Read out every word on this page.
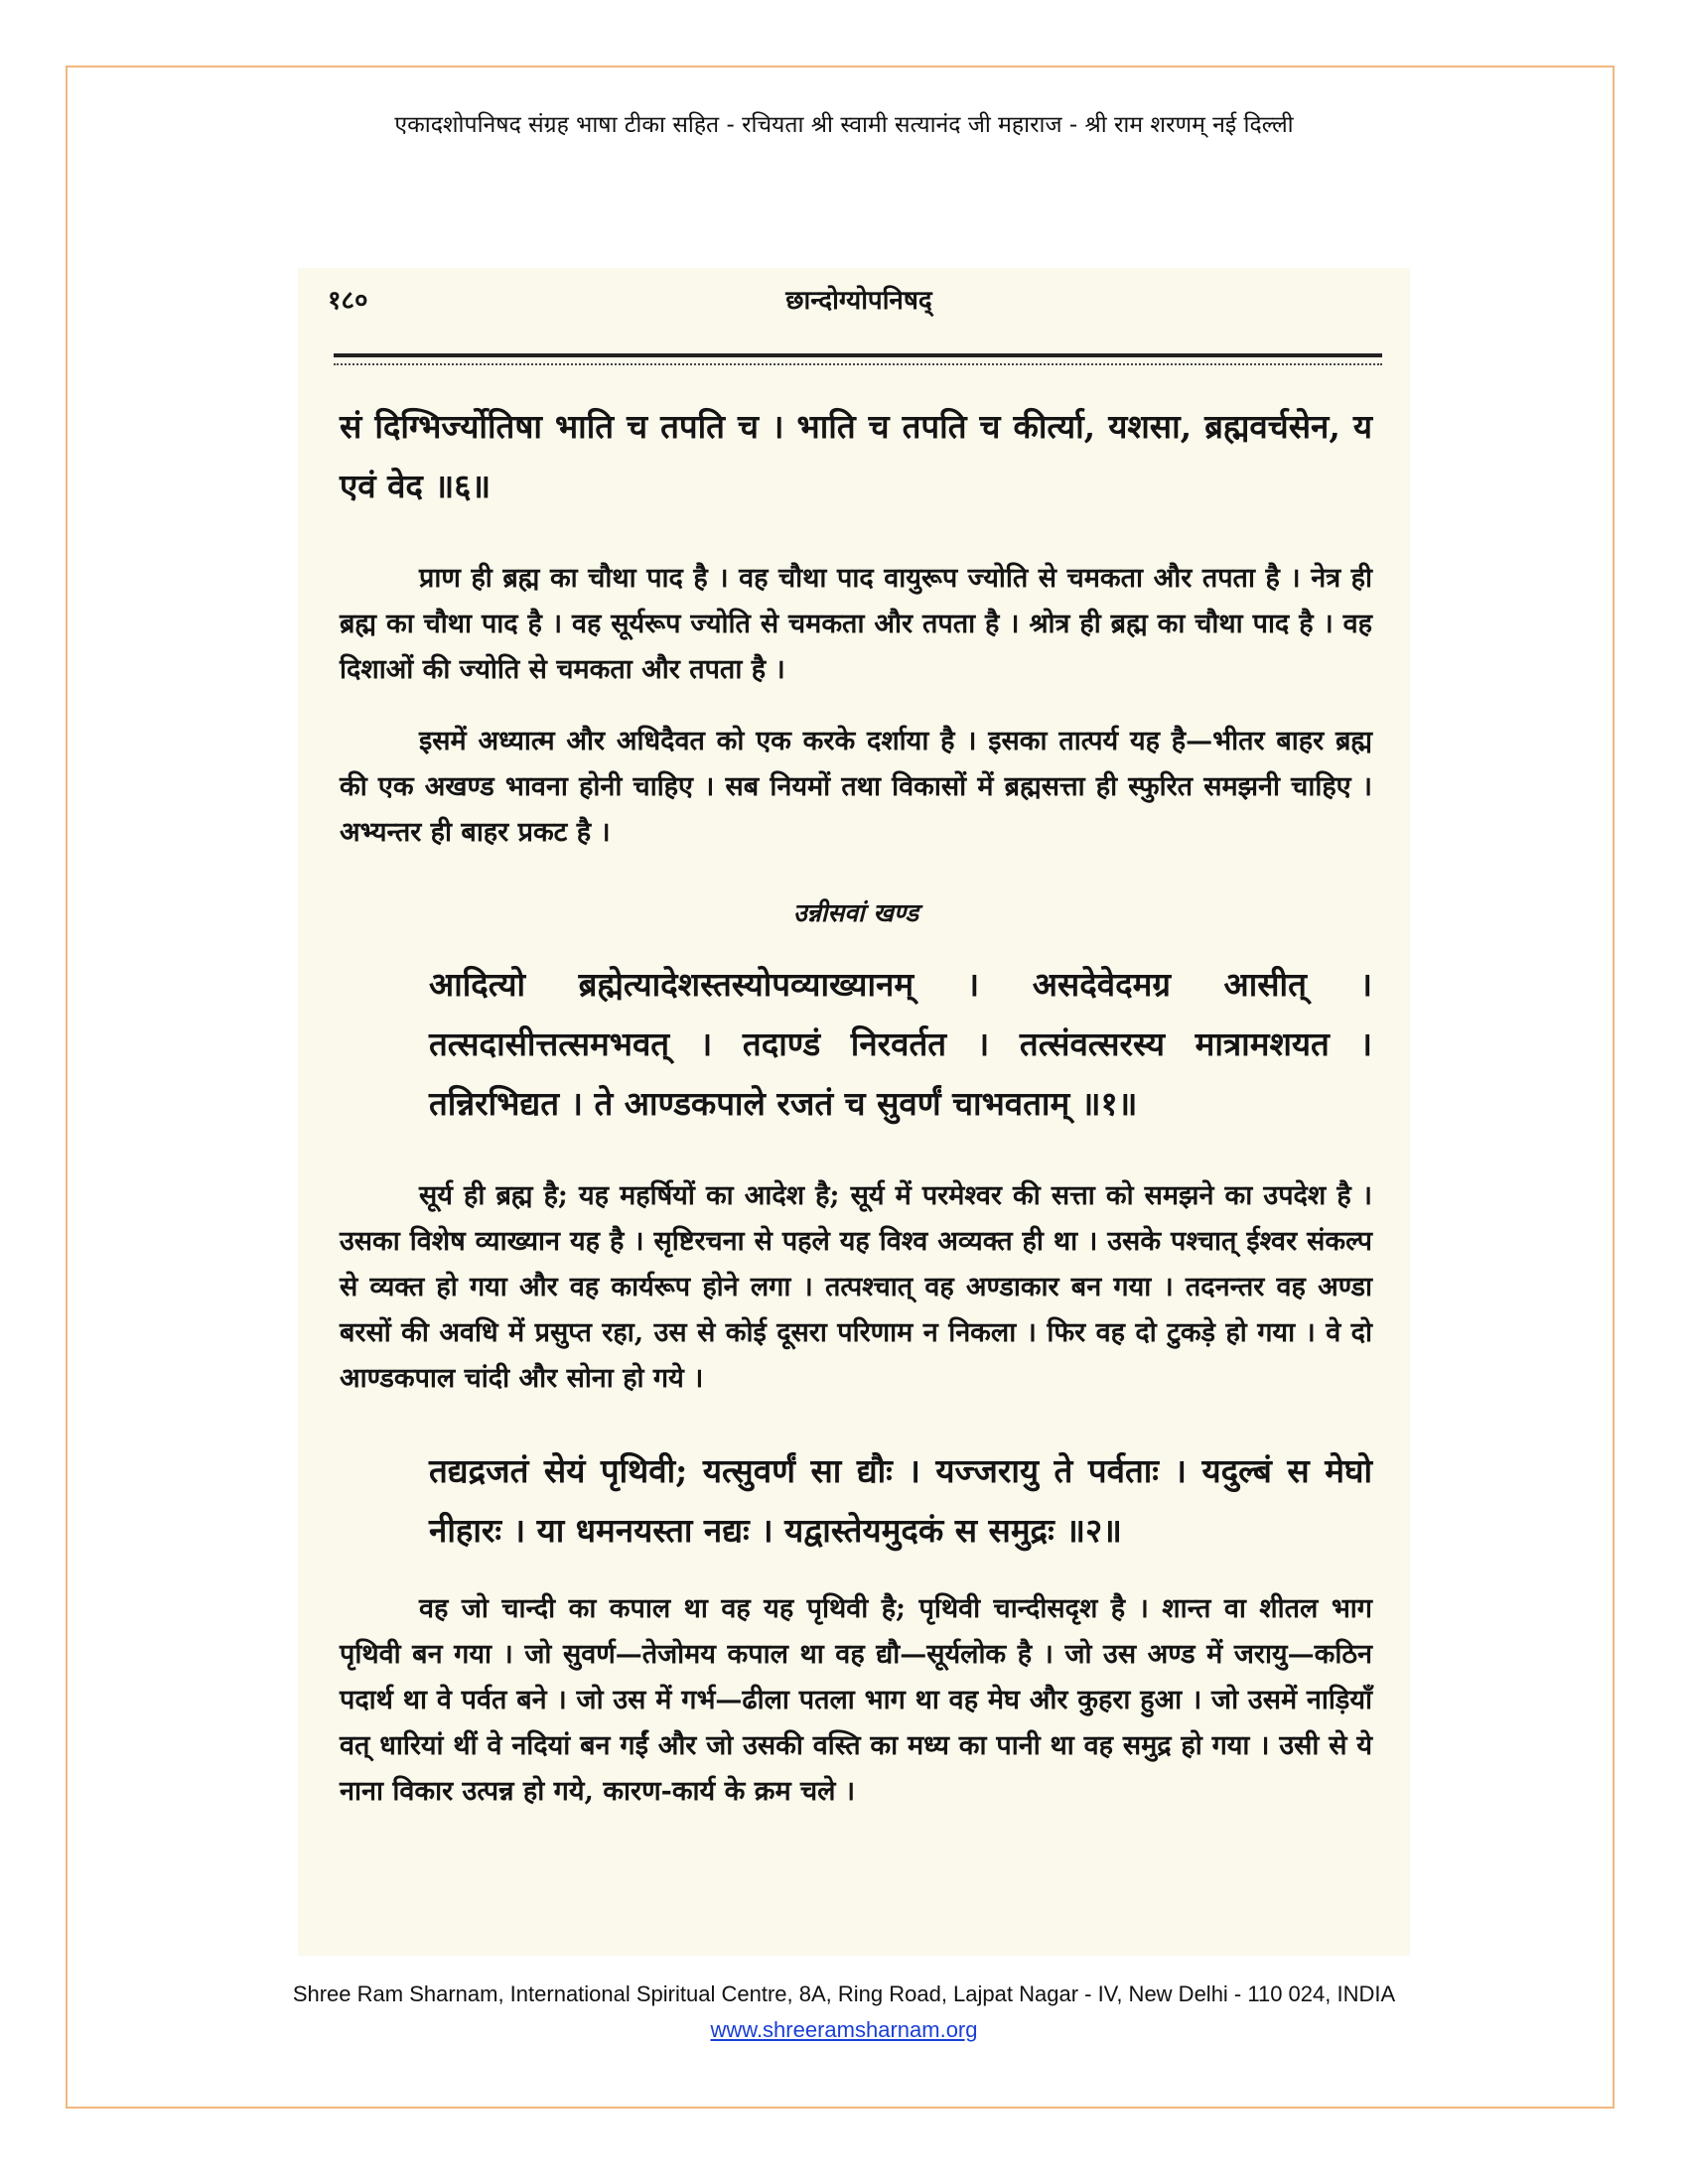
एकादशोपनिषद संग्रह भाषा टीका सहित - रचियता श्री स्वामी सत्यानंद जी महाराज - श्री राम शरणम् नई दिल्ली
१८०	छान्दोग्योपनिषद्

सं दिग्भिर्ज्योतिषा भाति च तपति च । भाति च तपति च कीर्त्या, यशसा, ब्रह्मवर्चसेन, य एवं वेद ॥६॥

प्राण ही ब्रह्म का चौथा पाद है । वह चौथा पाद वायुरूप ज्योति से चमकता और तपता है । नेत्र ही ब्रह्म का चौथा पाद है । वह सूर्यरूप ज्योति से चमकता और तपता है । श्रोत्र ही ब्रह्म का चौथा पाद है । वह दिशाओं की ज्योति से चमकता और तपता है ।

इसमें अध्यात्म और अधिदैवत को एक करके दर्शाया है । इसका तात्पर्य यह है—भीतर बाहर ब्रह्म की एक अखण्ड भावना होनी चाहिए । सब नियमों तथा विकासों में ब्रह्मसत्ता ही स्फुरित समझनी चाहिए । अभ्यन्तर ही बाहर प्रकट है ।

उन्नीसवां खण्ड

आदित्यो ब्रह्मेत्यादेशस्तस्योपव्याख्यानम् । असदेवेदमग्र आसीत् । तत्सदासीत्तत्समभवत् । तदाण्डं निरवर्तत । तत्संवत्सरस्य मात्रामशयत । तन्निरभिद्यत । ते आण्डकपाले रजतं च सुवर्णं चाभवताम् ॥१॥

सूर्य ही ब्रह्म है; यह महर्षियों का आदेश है; सूर्य में परमेश्वर की सत्ता को समझने का उपदेश है । उसका विशेष व्याख्यान यह है । सृष्टिरचना से पहले यह विश्व अव्यक्त ही था । उसके पश्चात् ईश्वर संकल्प से व्यक्त हो गया और वह कार्यरूप होने लगा । तत्पश्चात् वह अण्डाकार बन गया । तदनन्तर वह अण्डा बरसों की अवधि में प्रसुप्त रहा, उस से कोई दूसरा परिणाम न निकला । फिर वह दो टुकड़े हो गया । वे दो आण्डकपाल चांदी और सोना हो गये ।

तद्यद्रजतं सेयं पृथिवी; यत्सुवर्णं सा द्यौः । यज्जरायु ते पर्वताः । यदुल्बं स मेघो नीहारः । या धमनयस्ता नद्यः । यद्वास्तेयमुदकं स समुद्रः ॥२॥

वह जो चान्दी का कपाल था वह यह पृथिवी है; पृथिवी चान्दीसदृश है । शान्त वा शीतल भाग पृथिवी बन गया । जो सुवर्ण—तेजोमय कपाल था वह द्यौ—सूर्यलोक है । जो उस अण्ड में जरायु—कठिन पदार्थ था वे पर्वत बने । जो उस में गर्भ—ढीला पतला भाग था वह मेघ और कुहरा हुआ । जो उसमें नाड़ियाँ वत् धारियां थीं वे नदियां बन गईं और जो उसकी वस्ति का मध्य का पानी था वह समुद्र हो गया । उसी से ये नाना विकार उत्पन्न हो गये, कारण-कार्य के क्रम चले ।

Shree Ram Sharnam, International Spiritual Centre, 8A, Ring Road, Lajpat Nagar - IV, New Delhi - 110 024, INDIA
www.shreeramsharnam.org
